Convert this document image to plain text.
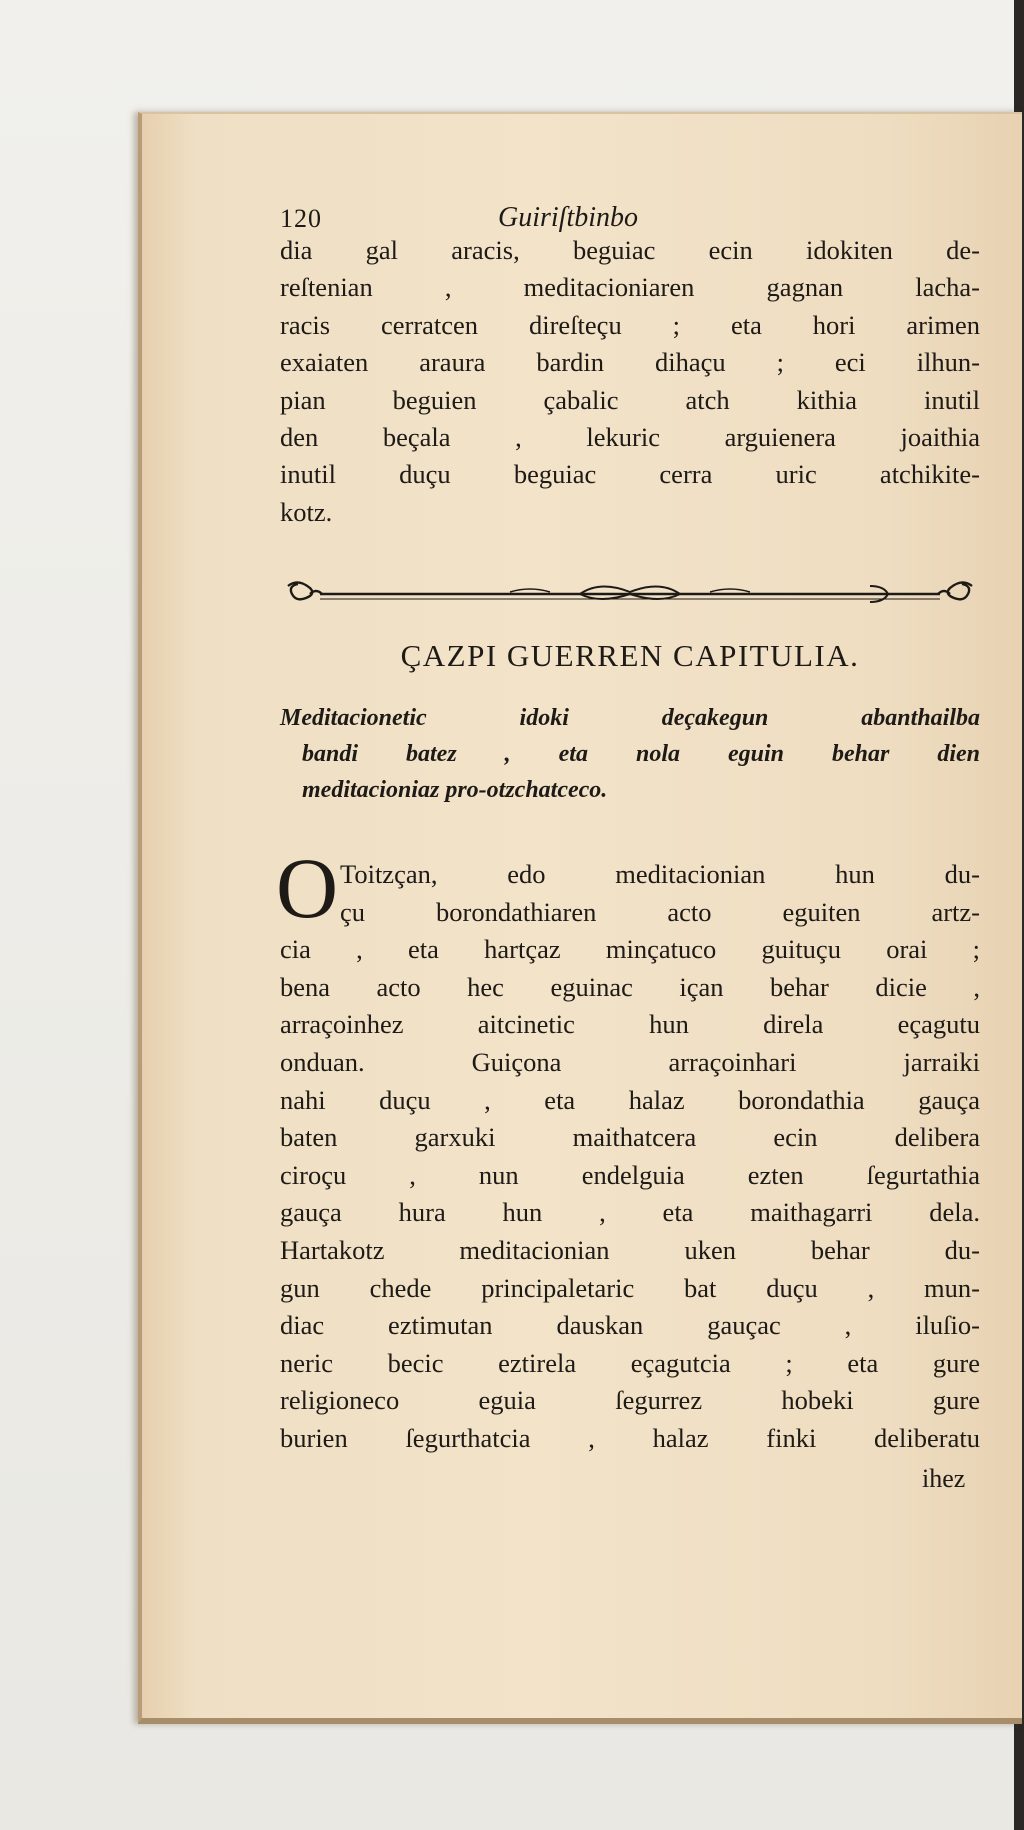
120	Guiriſtbinbo
dia gal aracis, beguiac ecin idokiten de-
reſtenian , meditacioniaren gagnan lacha-
racis cerratcen direſteçu ; eta hori arimen
exaiaten araura bardin dihaçu ; eci ilhun-
pian beguien çabalic atch kithia inutil
den beçala , lekuric arguienera joaithia
inutil duçu beguiac cerra uric atchikite-
kotz.
ÇAZPI GUERREN CAPITULIA.
Meditacionetic idoki deçakegun abanthailba
bandi batez , eta nola eguin behar dien
meditacioniaz pro-otzchatceco.
O Toitzçan, edo meditacionian hun du-
çu borondathiaren acto eguiten artz-
cia , eta hartçaz minçatuco guituçu orai ;
bena acto hec eguinac içan behar dicie ,
arraçoinhez aitcinetic hun direla eçagutu
onduan. Guiçona arraçoinhari jarraiki
nahi duçu , eta halaz borondathia gauça
baten garxuki maithatcera ecin delibera
ciroçu , nun endelguia ezten ſegurtathia
gauça hura hun , eta maithagarri dela.
Hartakotz meditacionian uken behar du-
gun chede principaletaric bat duçu , mun-
diac eztimutan dauskan gauçac , iluſio-
neric becic eztirela eçagutcia ; eta gure
religioneco eguia ſegurrez hobeki gure
burien ſegurthatcia , halaz finki deliberatu
ihez
